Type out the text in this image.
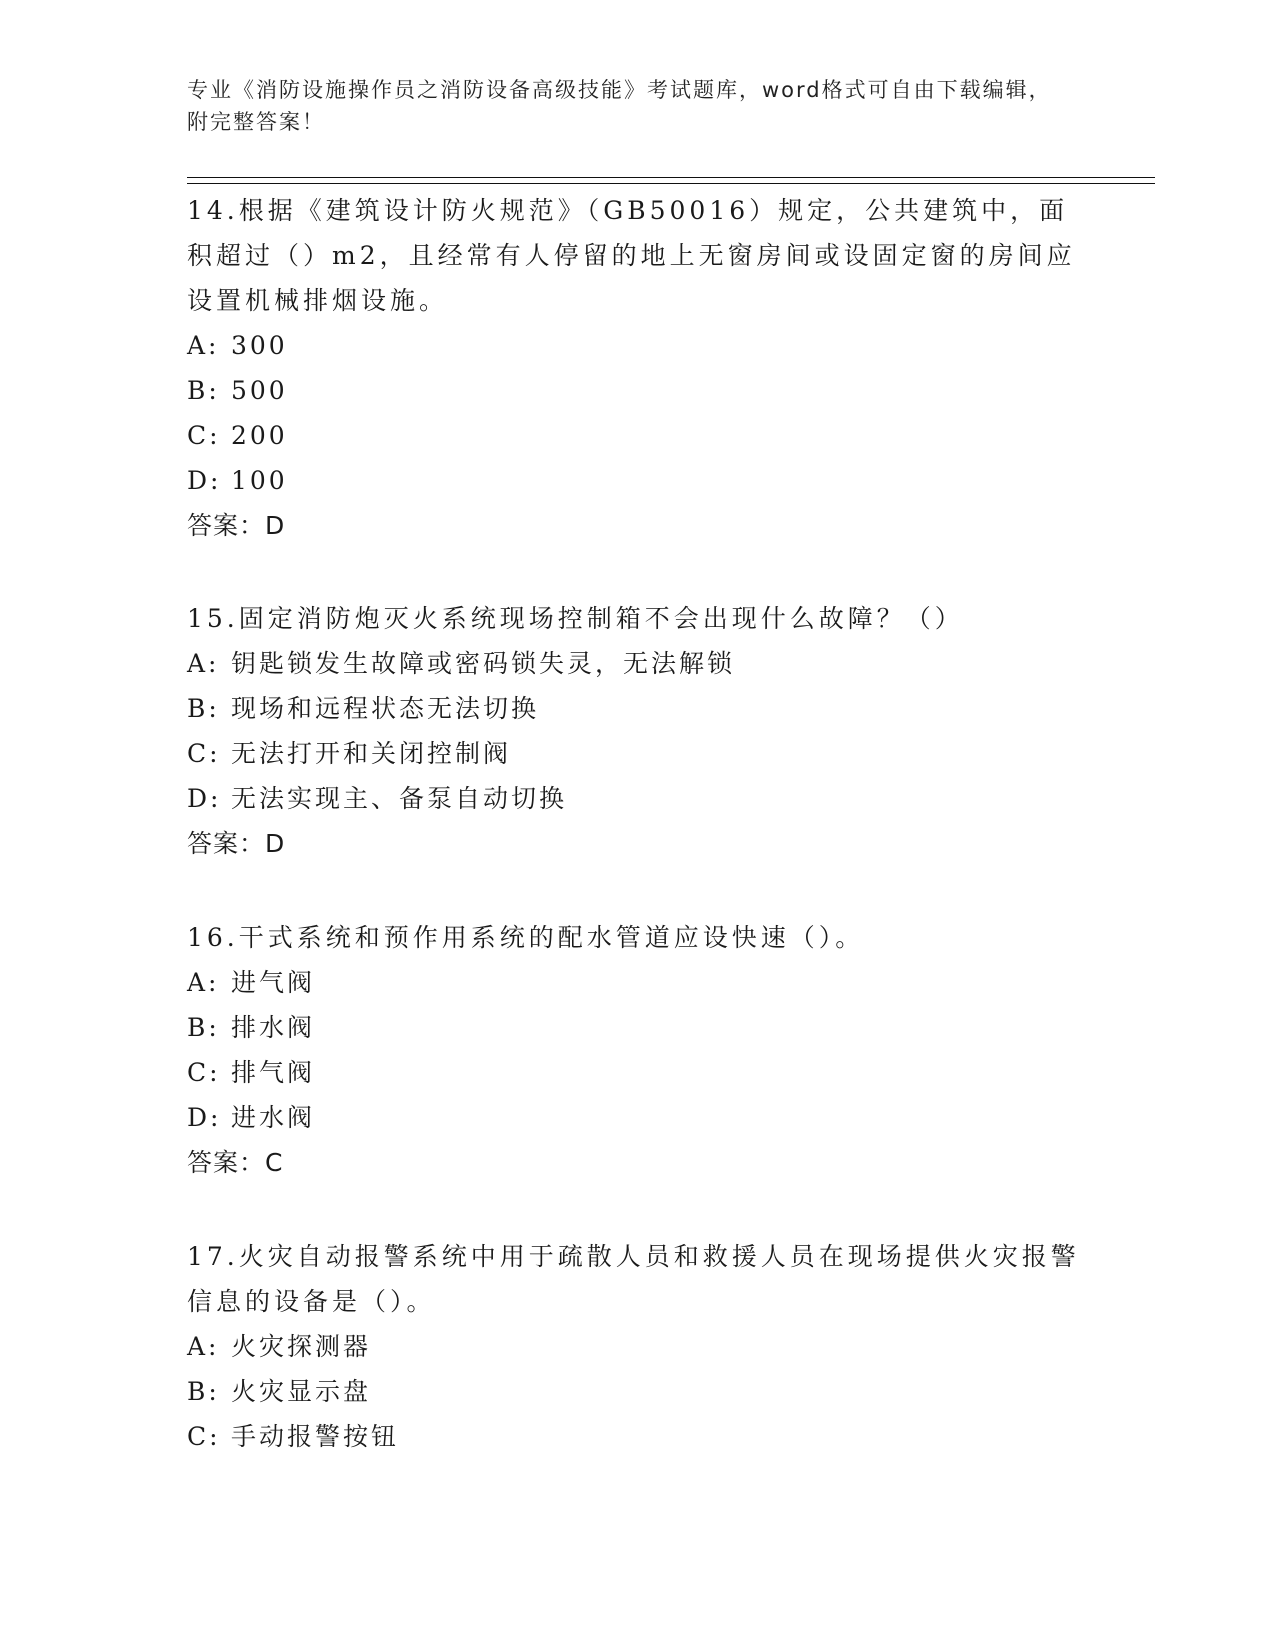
专业《消防设施操作员之消防设备高级技能》考试题库，word格式可自由下载编辑，附完整答案！

14.根据《建筑设计防火规范》（GB50016）规定，公共建筑中，面积超过（）m2，且经常有人停留的地上无窗房间或设固定窗的房间应设置机械排烟设施。

A: 300

B: 500

C: 200

D: 100

答案：D

15.固定消防炮灭火系统现场控制箱不会出现什么故障？（）

A: 钥匙锁发生故障或密码锁失灵，无法解锁

B: 现场和远程状态无法切换

C: 无法打开和关闭控制阀

D: 无法实现主、备泵自动切换

答案：D

16.干式系统和预作用系统的配水管道应设快速（）。

A: 进气阀

B: 排水阀

C: 排气阀

D: 进水阀

答案：C

17.火灾自动报警系统中用于疏散人员和救援人员在现场提供火灾报警信息的设备是（）。

A: 火灾探测器

B: 火灾显示盘

C: 手动报警按钮
